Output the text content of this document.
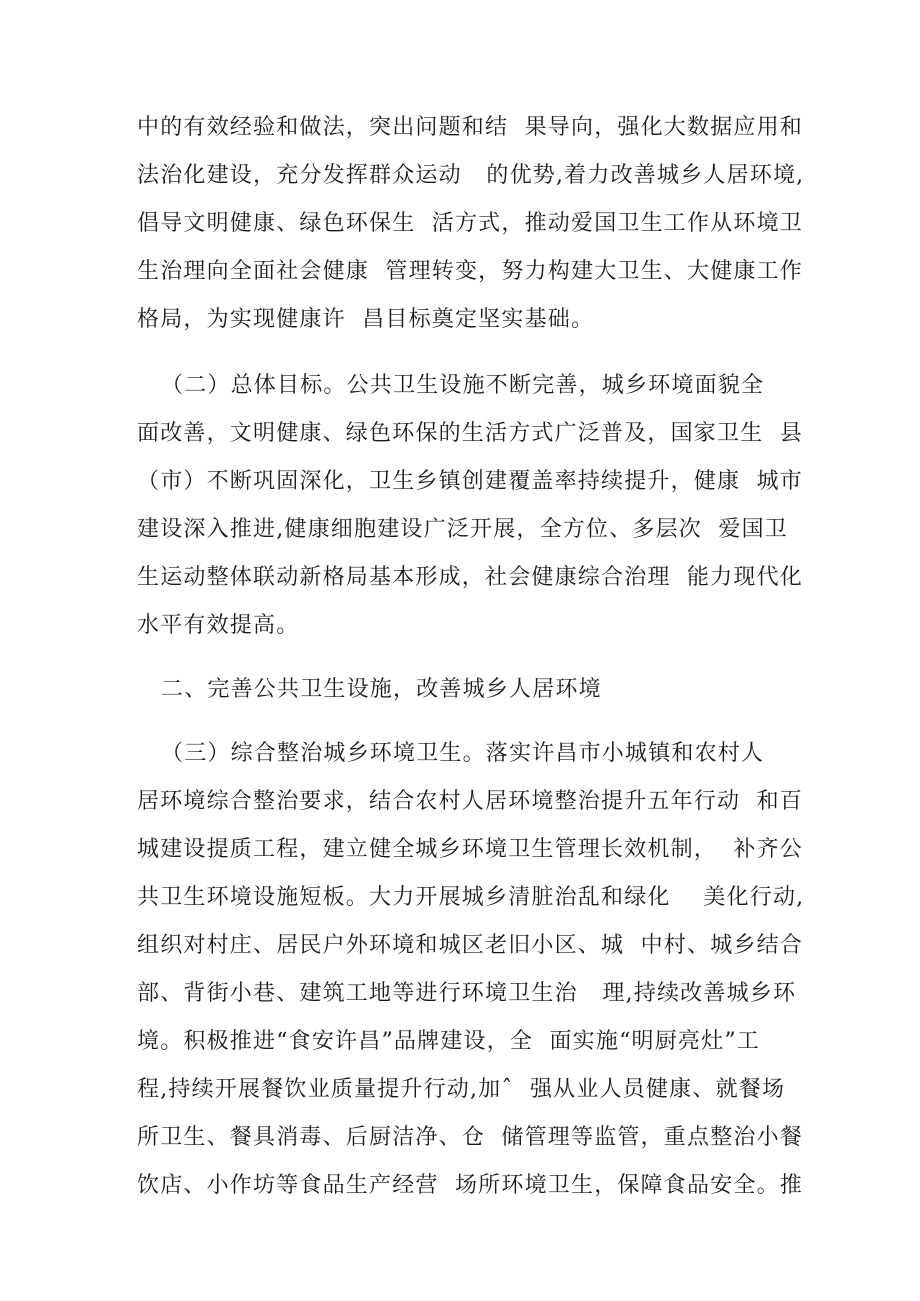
中的有效经验和做法，突出问题和结  果导向，强化大数据应用和
法治化建设，充分发挥群众运动   的优势,着力改善城乡人居环境,
倡导文明健康、绿色环保生  活方式，推动爱国卫生工作从环境卫
生治理向全面社会健康  管理转变，努力构建大卫生、大健康工作
格局，为实现健康许  昌目标奠定坚实基础。
（二）总体目标。公共卫生设施不断完善，城乡环境面貌全
面改善，文明健康、绿色环保的生活方式广泛普及，国家卫生  县
（市）不断巩固深化，卫生乡镇创建覆盖率持续提升，健康  城市
建设深入推进,健康细胞建设广泛开展，全方位、多层次  爱国卫
生运动整体联动新格局基本形成，社会健康综合治理  能力现代化
水平有效提高。
二、完善公共卫生设施，改善城乡人居环境
（三）综合整治城乡环境卫生。落实许昌市小城镇和农村人
居环境综合整治要求，结合农村人居环境整治提升五年行动  和百
城建设提质工程，建立健全城乡环境卫生管理长效机制，  补齐公
共卫生环境设施短板。大力开展城乡清脏治乱和绿化    美化行动,
组织对村庄、居民户外环境和城区老旧小区、城  中村、城乡结合
部、背街小巷、建筑工地等进行环境卫生治   理,持续改善城乡环
境。积极推进“食安许昌”品牌建设，全  面实施“明厨亮灶”工
程,持续开展餐饮业质量提升行动,加ˆ  强从业人员健康、就餐场
所卫生、餐具消毒、后厨洁净、仓  储管理等监管，重点整治小餐
饮店、小作坊等食品生产经营  场所环境卫生，保障食品安全。推
